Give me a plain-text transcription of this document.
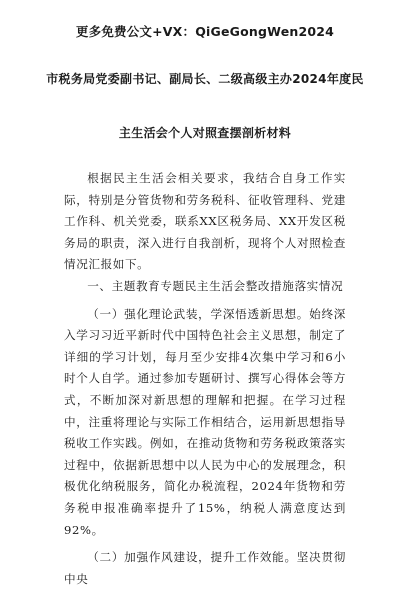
更多免费公文+VX：QiGeGongWen2024
市税务局党委副书记、副局长、二级高级主办2024年度民
主生活会个人对照查摆剖析材料

根据民主生活会相关要求，我结合自身工作实际，特别是分管货物和劳务税科、征收管理科、党建工作科、机关党委，联系XX区税务局、XX开发区税务局的职责，深入进行自我剖析，现将个人对照检查情况汇报如下。

一、主题教育专题民主生活会整改措施落实情况

（一）强化理论武装，学深悟透新思想。始终深入学习习近平新时代中国特色社会主义思想，制定了详细的学习计划，每月至少安排4次集中学习和6小时个人自学。通过参加专题研讨、撰写心得体会等方式，不断加深对新思想的理解和把握。在学习过程中，注重将理论与实际工作相结合，运用新思想指导税收工作实践。例如，在推动货物和劳务税政策落实过程中，依据新思想中以人民为中心的发展理念，积极优化纳税服务，简化办税流程，2024年货物和劳务税申报准确率提升了15%，纳税人满意度达到92%。

（二）加强作风建设，提升工作效能。坚决贯彻中央
